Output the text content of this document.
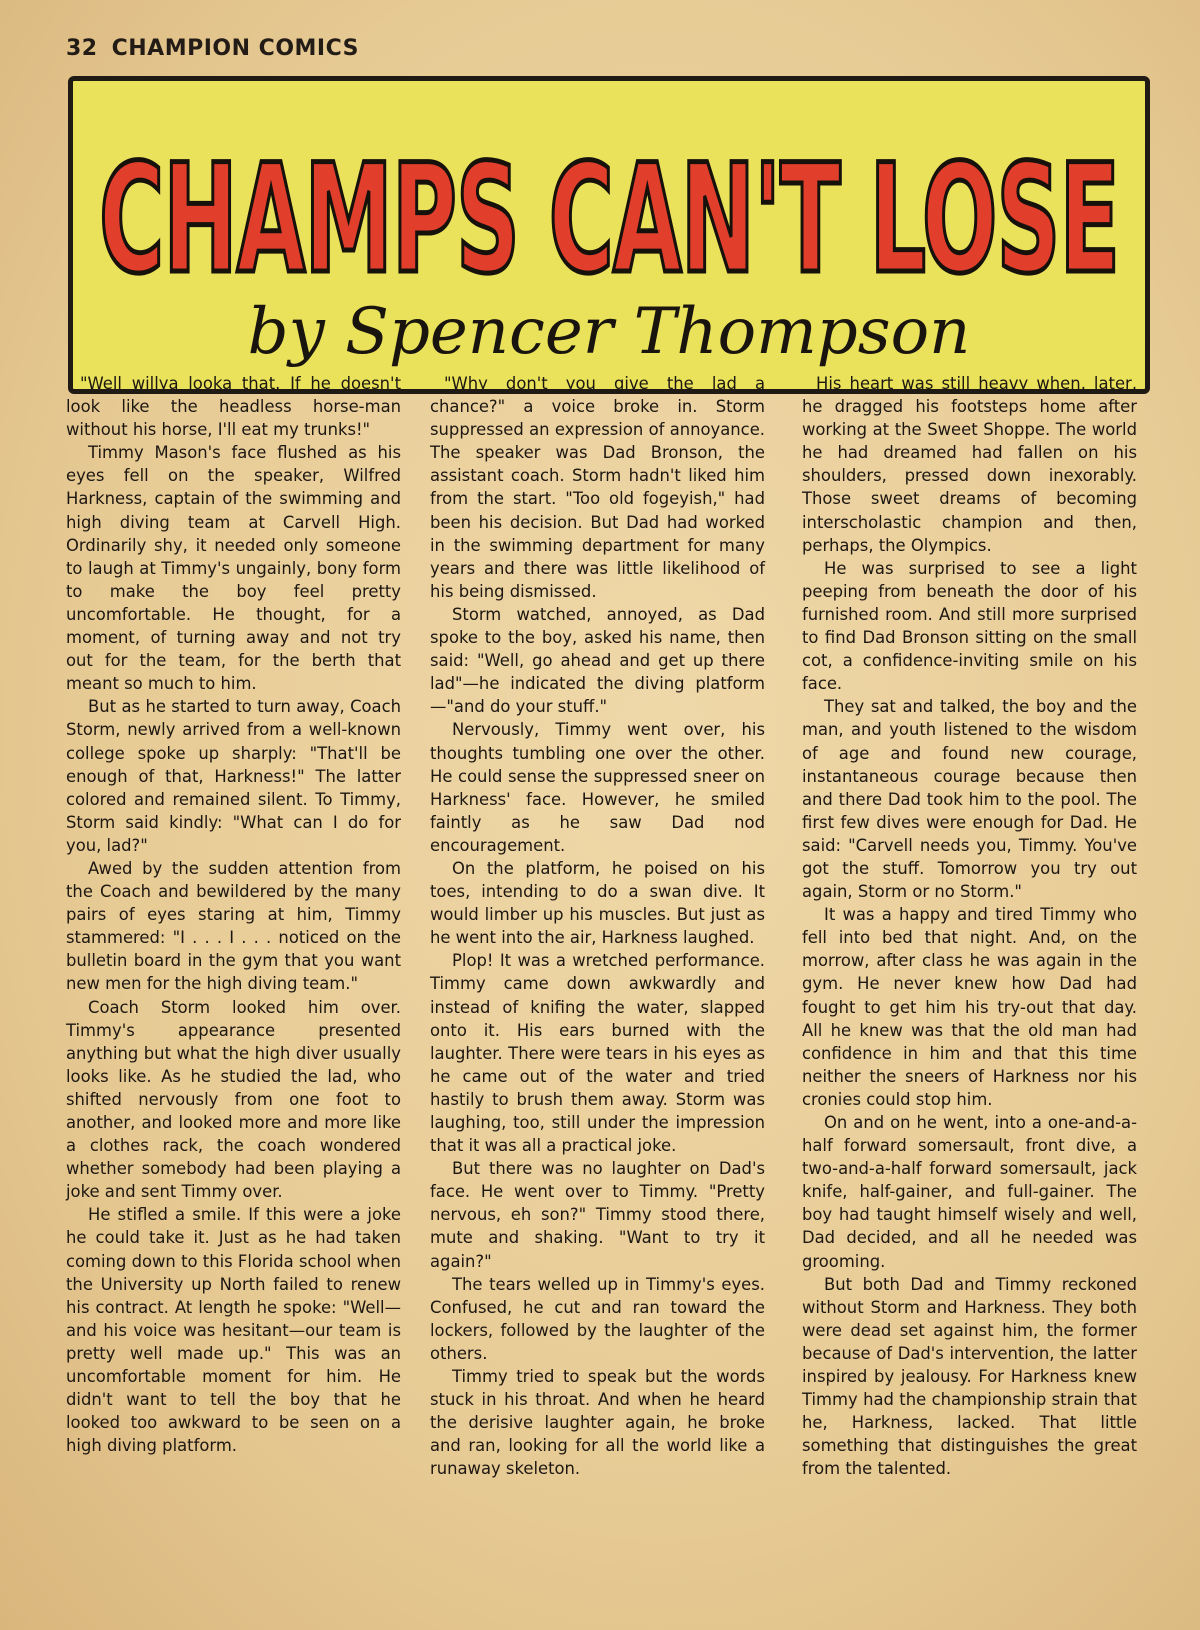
32 CHAMPION COMICS
CHAMPS CAN'T LOSE
by Spencer Thompson

"Well willya looka that. If he doesn't look like the headless horse-man without his horse, I'll eat my trunks!"

Timmy Mason's face flushed as his eyes fell on the speaker, Wilfred Harkness, captain of the swimming and high diving team at Carvell High. Ordinarily shy, it needed only someone to laugh at Timmy's ungainly, bony form to make the boy feel pretty uncomfortable. He thought, for a moment, of turning away and not try out for the team, for the berth that meant so much to him.

But as he started to turn away, Coach Storm, newly arrived from a well-known college spoke up sharply: "That'll be enough of that, Harkness!" The latter colored and remained silent. To Timmy, Storm said kindly: "What can I do for you, lad?"

Awed by the sudden attention from the Coach and bewildered by the many pairs of eyes staring at him, Timmy stammered: "I . . . I . . . noticed on the bulletin board in the gym that you want new men for the high diving team."

Coach Storm looked him over. Timmy's appearance presented anything but what the high diver usually looks like. As he studied the lad, who shifted nervously from one foot to another, and looked more and more like a clothes rack, the coach wondered whether somebody had been playing a joke and sent Timmy over.

He stifled a smile. If this were a joke he could take it. Just as he had taken coming down to this Florida school when the University up North failed to renew his contract. At length he spoke: "Well—and his voice was hesitant—our team is pretty well made up." This was an uncomfortable moment for him. He didn't want to tell the boy that he looked too awkward to be seen on a high diving platform.

"Why don't you give the lad a chance?" a voice broke in. Storm suppressed an expression of annoyance. The speaker was Dad Bronson, the assistant coach. Storm hadn't liked him from the start. "Too old fogeyish," had been his decision. But Dad had worked in the swimming department for many years and there was little likelihood of his being dismissed.

Storm watched, annoyed, as Dad spoke to the boy, asked his name, then said: "Well, go ahead and get up there lad"—he indicated the diving platform—"and do your stuff."

Nervously, Timmy went over, his thoughts tumbling one over the other. He could sense the suppressed sneer on Harkness' face. However, he smiled faintly as he saw Dad nod encouragement.

On the platform, he poised on his toes, intending to do a swan dive. It would limber up his muscles. But just as he went into the air, Harkness laughed.

Plop! It was a wretched performance. Timmy came down awkwardly and instead of knifing the water, slapped onto it. His ears burned with the laughter. There were tears in his eyes as he came out of the water and tried hastily to brush them away. Storm was laughing, too, still under the impression that it was all a practical joke.

But there was no laughter on Dad's face. He went over to Timmy. "Pretty nervous, eh son?" Timmy stood there, mute and shaking. "Want to try it again?"

The tears welled up in Timmy's eyes. Confused, he cut and ran toward the lockers, followed by the laughter of the others.

Timmy tried to speak but the words stuck in his throat. And when he heard the derisive laughter again, he broke and ran, looking for all the world like a runaway skeleton.

His heart was still heavy when, later, he dragged his footsteps home after working at the Sweet Shoppe. The world he had dreamed had fallen on his shoulders, pressed down inexorably. Those sweet dreams of becoming interscholastic champion and then, perhaps, the Olympics.

He was surprised to see a light peeping from beneath the door of his furnished room. And still more surprised to find Dad Bronson sitting on the small cot, a confidence-inviting smile on his face.

They sat and talked, the boy and the man, and youth listened to the wisdom of age and found new courage, instantaneous courage because then and there Dad took him to the pool. The first few dives were enough for Dad. He said: "Carvell needs you, Timmy. You've got the stuff. Tomorrow you try out again, Storm or no Storm."

It was a happy and tired Timmy who fell into bed that night. And, on the morrow, after class he was again in the gym. He never knew how Dad had fought to get him his try-out that day. All he knew was that the old man had confidence in him and that this time neither the sneers of Harkness nor his cronies could stop him.

On and on he went, into a one-and-a-half forward somersault, front dive, a two-and-a-half forward somersault, jack knife, half-gainer, and full-gainer. The boy had taught himself wisely and well, Dad decided, and all he needed was grooming.

But both Dad and Timmy reckoned without Storm and Harkness. They both were dead set against him, the former because of Dad's intervention, the latter inspired by jealousy. For Harkness knew Timmy had the championship strain that he, Harkness, lacked. That little something that distinguishes the great from the talented.
